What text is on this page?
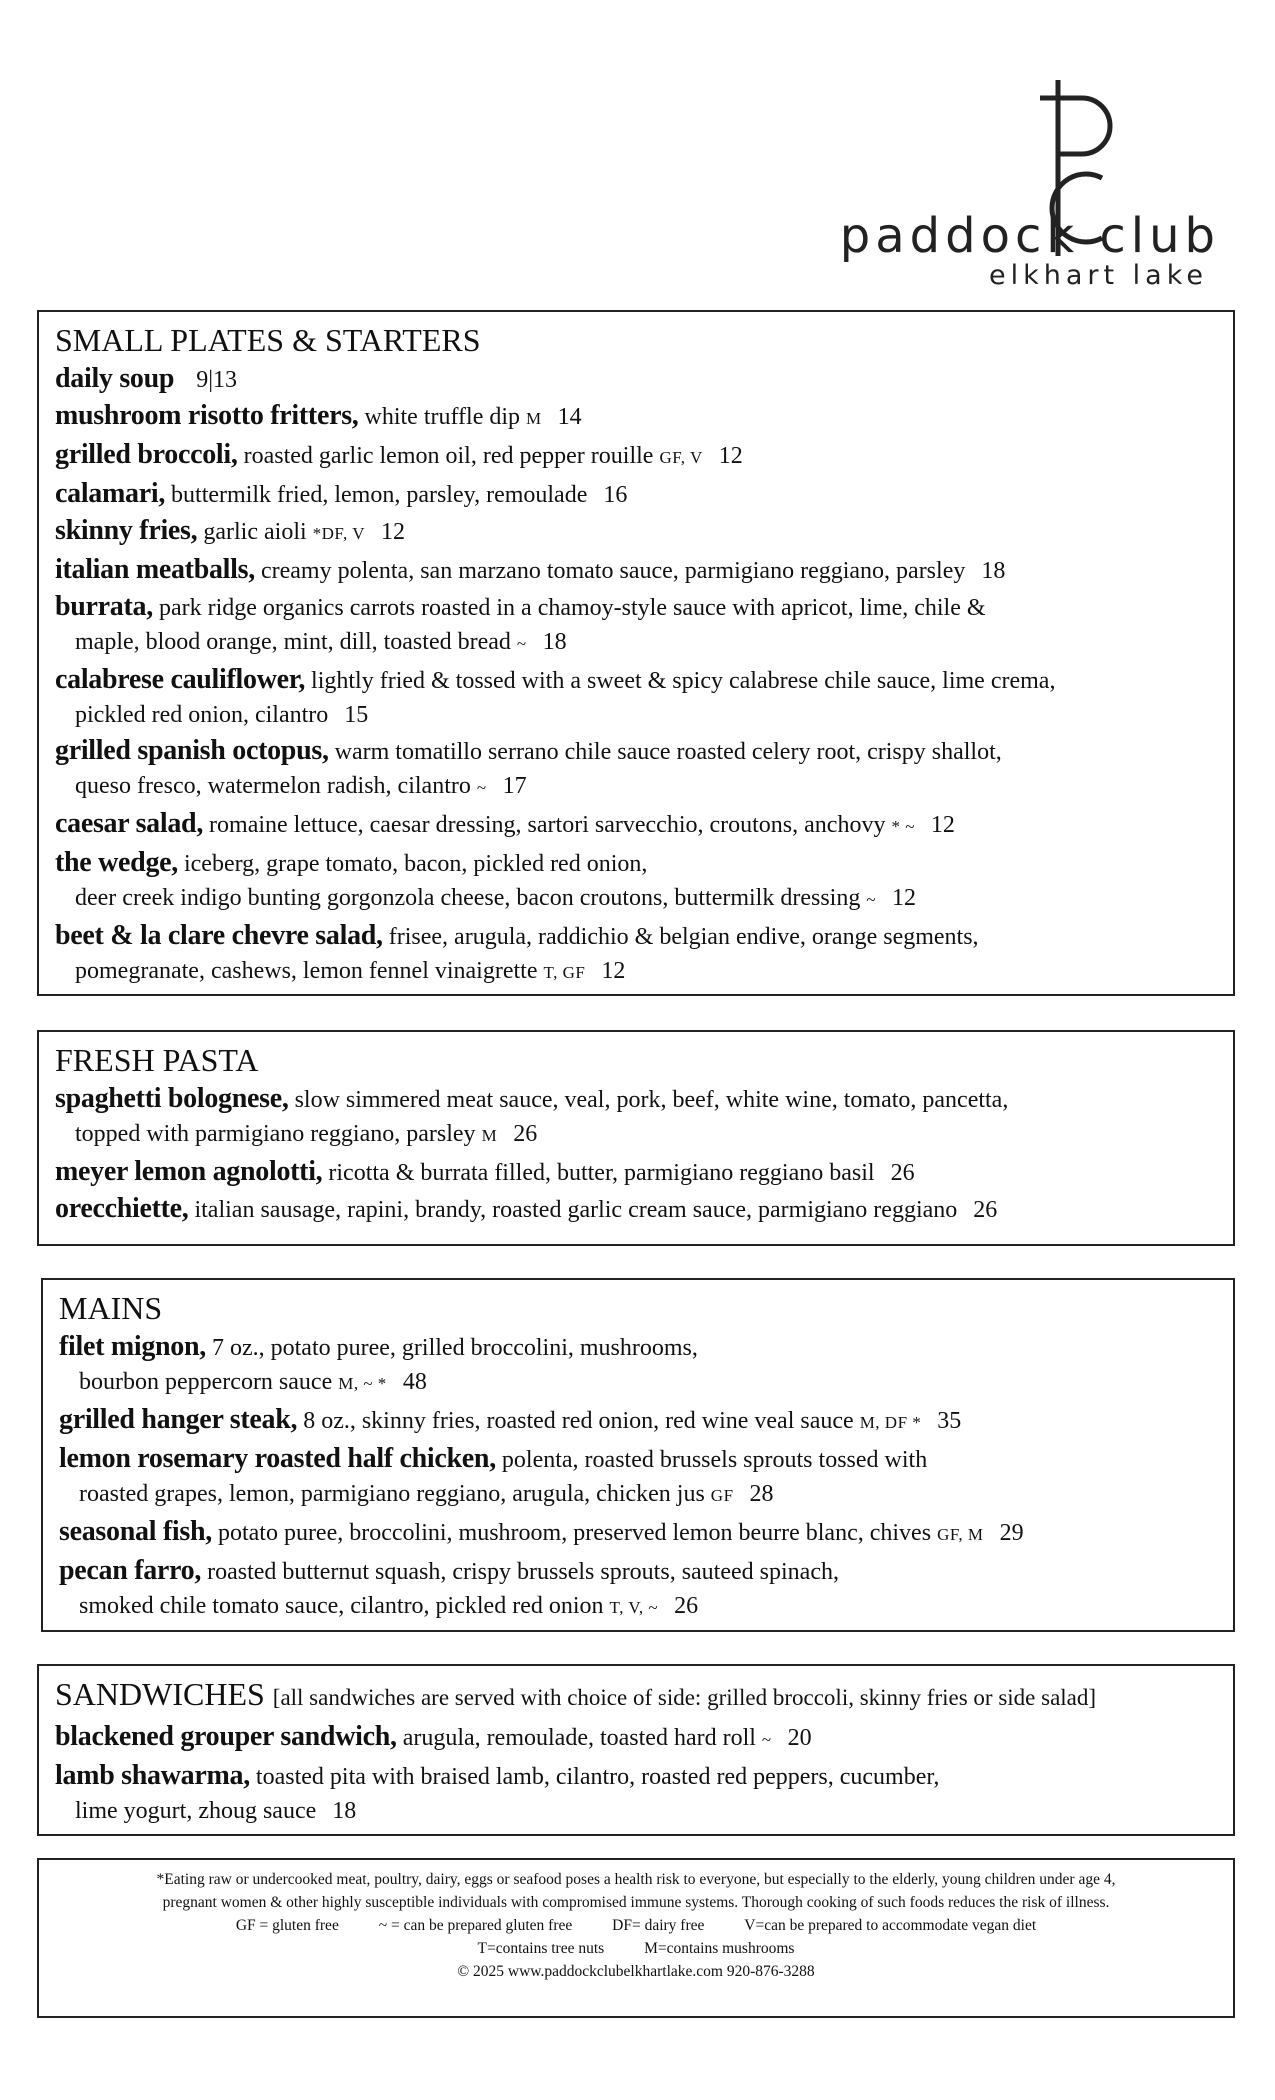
paddock club
elkhart lake
SMALL PLATES & STARTERS
daily soup 9|13
mushroom risotto fritters, white truffle dip M 14
grilled broccoli, roasted garlic lemon oil, red pepper rouille GF, V 12
calamari, buttermilk fried, lemon, parsley, remoulade 16
skinny fries, garlic aioli *DF, V 12
italian meatballs, creamy polenta, san marzano tomato sauce, parmigiano reggiano, parsley 18
burrata, park ridge organics carrots roasted in a chamoy-style sauce with apricot, lime, chile &
maple, blood orange, mint, dill, toasted bread ~ 18
calabrese cauliflower, lightly fried & tossed with a sweet & spicy calabrese chile sauce, lime crema,
pickled red onion, cilantro 15
grilled spanish octopus, warm tomatillo serrano chile sauce roasted celery root, crispy shallot,
queso fresco, watermelon radish, cilantro ~ 17
caesar salad, romaine lettuce, caesar dressing, sartori sarvecchio, croutons, anchovy * ~ 12
the wedge, iceberg, grape tomato, bacon, pickled red onion,
deer creek indigo bunting gorgonzola cheese, bacon croutons, buttermilk dressing ~ 12
beet & la clare chevre salad, frisee, arugula, raddichio & belgian endive, orange segments,
pomegranate, cashews, lemon fennel vinaigrette T, GF 12
FRESH PASTA
spaghetti bolognese, slow simmered meat sauce, veal, pork, beef, white wine, tomato, pancetta,
topped with parmigiano reggiano, parsley M 26
meyer lemon agnolotti, ricotta & burrata filled, butter, parmigiano reggiano basil 26
orecchiette, italian sausage, rapini, brandy, roasted garlic cream sauce, parmigiano reggiano 26
MAINS
filet mignon, 7 oz., potato puree, grilled broccolini, mushrooms,
bourbon peppercorn sauce M, ~ * 48
grilled hanger steak, 8 oz., skinny fries, roasted red onion, red wine veal sauce M, DF * 35
lemon rosemary roasted half chicken, polenta, roasted brussels sprouts tossed with
roasted grapes, lemon, parmigiano reggiano, arugula, chicken jus GF 28
seasonal fish, potato puree, broccolini, mushroom, preserved lemon beurre blanc, chives GF, M 29
pecan farro, roasted butternut squash, crispy brussels sprouts, sauteed spinach,
smoked chile tomato sauce, cilantro, pickled red onion T, V, ~ 26
SANDWICHES [all sandwiches are served with choice of side: grilled broccoli, skinny fries or side salad]
blackened grouper sandwich, arugula, remoulade, toasted hard roll ~ 20
lamb shawarma, toasted pita with braised lamb, cilantro, roasted red peppers, cucumber,
lime yogurt, zhoug sauce 18
*Eating raw or undercooked meat, poultry, dairy, eggs or seafood poses a health risk to everyone, but especially to the elderly, young children under age 4,
pregnant women & other highly susceptible individuals with compromised immune systems. Thorough cooking of such foods reduces the risk of illness.
GF = gluten free	~ = can be prepared gluten free	DF= dairy free	V=can be prepared to accommodate vegan diet
T=contains tree nuts	M=contains mushrooms
© 2025 www.paddockclubelkhartlake.com 920-876-3288
